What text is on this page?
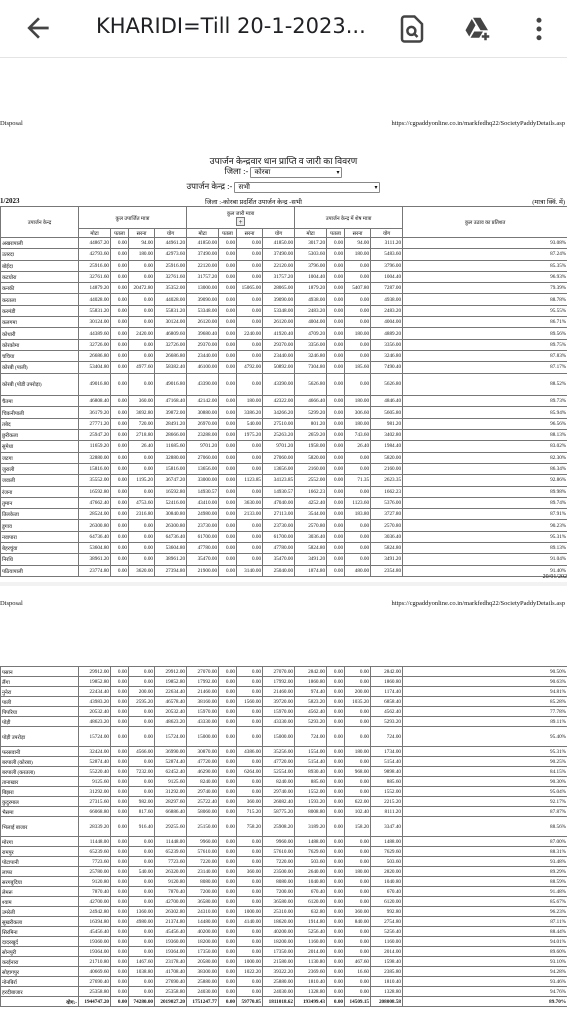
KHARIDI=Till 20-1-2023...
Disposal	https://cgpaddyonline.co.in/markfedhq22/SocietyPaddyDetails.asp
उपार्जन केन्द्रवार धान प्राप्ति व जारी का विवरण
जिला :- कोरबा	▾
उपार्जन केन्द्र :- सभी	▾
1/2023	जिला :-कोरबा प्रदर्शित उपार्जन केन्द्र -सभी	(मात्रा क्विं. में)
उपार्जन केन्द्र	कुल उपार्जित मात्रा				कुल जारी मात्रा
+				उपार्जन केन्द्र में शेष मात्रा				कुल उठाव का प्रतिशत
	मोटा	पतला	सरना	योग	मोटा	पतला	सरना	योग	मोटा	पतला	सरना	योग	
अखरापाली	44867.20	0.00	94.00	44961.20	41850.00	0.00	0.00	41850.00	3017.20	0.00	94.00	3111.20	93.08%
उतरदा	42793.60	0.00	180.00	42973.60	37490.00	0.00	0.00	37490.00	5303.60	0.00	180.00	5483.60	87.24%
बोईदा	25916.00	0.00	0.00	25916.00	22120.00	0.00	0.00	22120.00	3796.00	0.00	0.00	3796.00	85.35%
कटघोरा	32761.60	0.00	0.00	32761.60	31757.20	0.00	0.00	31757.20	1004.40	0.00	0.00	1004.40	96.93%
कनकी	14879.20	0.00	20472.80	35352.00	13000.00	0.00	15065.00	28065.00	1879.20	0.00	5407.80	7287.00	79.39%
करतला	44028.00	0.00	0.00	44028.00	39090.00	0.00	0.00	39090.00	4938.00	0.00	0.00	4938.00	88.78%
करमंडी	55831.20	0.00	0.00	55831.20	53348.00	0.00	0.00	53348.00	2483.20	0.00	0.00	2483.20	95.55%
कलगमा	30124.00	0.00	0.00	30124.00	26120.00	0.00	0.00	26120.00	4004.00	0.00	0.00	4004.00	86.71%
कोथारी	44389.60	0.00	2420.00	46809.60	39680.40	0.00	2240.00	41920.40	4709.20	0.00	180.00	4889.20	89.56%
कोरकोमा	32726.00	0.00	0.00	32726.00	29370.00	0.00	0.00	29370.00	3356.00	0.00	0.00	3356.00	89.75%
चचिया	26686.80	0.00	0.00	26686.80	23440.00	0.00	0.00	23440.00	3246.80	0.00	0.00	3246.80	87.83%
कोरबी (पाली)	53404.80	0.00	4977.60	58382.40	46100.00	0.00	4792.00	50892.00	7304.80	0.00	185.60	7490.40	87.17%
कोरबी (पोडी उपरोड़ा)	49016.80	0.00	0.00	49016.80	43390.00	0.00	0.00	43390.00	5626.80	0.00	0.00	5626.80	88.52%
चैतमा	46808.40	0.00	360.00	47168.40	42142.00	0.00	180.00	42322.00	4666.40	0.00	180.00	4846.40	89.73%
चिकनीपाली	36179.20	0.00	3692.80	39872.00	30880.00	0.00	3386.20	34266.20	5299.20	0.00	306.60	5605.80	85.94%
तबेद	27771.20	0.00	720.00	28491.20	26970.00	0.00	540.00	27510.00	801.20	0.00	180.00	981.20	96.56%
छुरीकला	25947.20	0.00	2718.80	28666.00	23288.00	0.00	1975.20	25263.20	2659.20	0.00	743.60	3402.80	88.13%
सुमेधा	11659.20	0.00	26.40	11685.60	9701.20	0.00	0.00	9701.20	1958.00	0.00	26.40	1984.40	83.02%
जटगा	32880.00	0.00	0.00	32880.00	27060.00	0.00	0.00	27060.00	5820.00	0.00	0.00	5820.00	82.30%
जुराली	15816.00	0.00	0.00	15816.00	13656.00	0.00	0.00	13656.00	2160.00	0.00	0.00	2160.00	86.34%
जवाली	35552.00	0.00	1195.20	36747.20	33000.00	0.00	1123.85	34123.85	2552.00	0.00	71.35	2623.35	92.86%
रंजना	16592.80	0.00	0.00	16592.80	14930.57	0.00	0.00	14930.57	1662.23	0.00	0.00	1662.23	89.98%
तुमान	47662.40	0.00	4753.60	52416.00	43410.00	0.00	3630.00	47040.00	4252.40	0.00	1123.60	5376.00	89.74%
तिलकेजा	28524.00	0.00	2316.80	30840.80	24980.00	0.00	2133.00	27113.00	3544.00	0.00	183.80	3727.80	87.91%
डूगाव	26300.80	0.00	0.00	26300.80	23730.00	0.00	0.00	23730.00	2570.80	0.00	0.00	2570.80	90.23%
नवापारा	64736.40	0.00	0.00	64736.40	61700.00	0.00	0.00	61700.00	3036.40	0.00	0.00	3036.40	95.31%
बेहरचुंवा	53604.80	0.00	0.00	53604.80	47780.00	0.00	0.00	47780.00	5824.80	0.00	0.00	5824.80	89.13%
निरधि	38961.20	0.00	0.00	38961.20	35470.00	0.00	0.00	35470.00	3491.20	0.00	0.00	3491.20	91.04%
पठियापाली	23774.80	0.00	3620.00	27394.80	21900.00	0.00	3140.00	25040.00	1874.80	0.00	480.00	2354.80	91.40%
20/01/202
Disposal	https://cgpaddyonline.co.in/markfedhq22/SocietyPaddyDetails.asp
पसान	29912.00	0.00	0.00	29912.00	27070.00	0.00	0.00	27070.00	2842.00	0.00	0.00	2842.00	90.50%
लैंगा	19852.80	0.00	0.00	19852.80	17992.00	0.00	0.00	17992.00	1860.80	0.00	0.00	1860.80	90.63%
नुनेरा	22434.40	0.00	200.00	22634.40	21460.00	0.00	0.00	21460.00	974.40	0.00	200.00	1174.40	94.81%
पाली	43983.20	0.00	2595.20	46578.40	38160.00	0.00	1560.00	39720.00	5823.20	0.00	1035.20	6858.40	85.28%
पिपरिया	20532.40	0.00	0.00	20532.40	15970.00	0.00	0.00	15970.00	4562.40	0.00	0.00	4562.40	77.78%
पोड़ी	48623.20	0.00	0.00	48623.20	43330.00	0.00	0.00	43330.00	5293.20	0.00	0.00	5293.20	89.11%
पोड़ी उपरोड़ा	15724.00	0.00	0.00	15724.00	15000.00	0.00	0.00	15000.00	724.00	0.00	0.00	724.00	95.40%
फरसवानी	32424.00	0.00	4566.00	36990.00	30870.00	0.00	4386.00	35256.00	1554.00	0.00	180.00	1734.00	95.31%
बरपाली (कोरबा)	52874.40	0.00	0.00	52874.40	47720.00	0.00	0.00	47720.00	5154.40	0.00	0.00	5154.40	90.25%
बरपाली (करतला)	55220.40	0.00	7232.00	62452.40	46290.00	0.00	6264.00	52554.00	8930.40	0.00	968.00	9898.40	84.15%
तानाखार	9125.60	0.00	0.00	9125.60	8240.00	0.00	0.00	8240.00	885.60	0.00	0.00	885.60	90.30%
बिझरा	31292.00	0.00	0.00	31292.00	29740.00	0.00	0.00	29740.00	1552.00	0.00	0.00	1552.00	95.04%
कुदुरमाल	27315.60	0.00	982.00	28297.60	25722.40	0.00	360.00	26082.40	1593.20	0.00	622.00	2215.20	92.17%
भैसमा	66068.80	0.00	817.60	66886.40	58060.00	0.00	715.20	58775.20	8008.80	0.00	102.40	8111.20	87.87%
भिलाई बाजार	28339.20	0.00	916.40	29255.60	25150.00	0.00	758.20	25908.20	3189.20	0.00	158.20	3347.40	88.56%
मोरगा	11448.00	0.00	0.00	11448.00	9960.00	0.00	0.00	9960.00	1488.00	0.00	0.00	1488.00	87.00%
रामपुर	65239.60	0.00	0.00	65239.60	57610.00	0.00	0.00	57610.00	7629.60	0.00	0.00	7629.60	88.31%
पोटापानी	7723.60	0.00	0.00	7723.60	7220.00	0.00	0.00	7220.00	503.60	0.00	0.00	503.60	93.48%
लाफा	25780.00	0.00	540.00	26320.00	23140.00	0.00	360.00	23500.00	2640.00	0.00	180.00	2820.00	89.29%
सरगबुदिया	9120.80	0.00	0.00	9120.80	8080.00	0.00	0.00	8080.00	1040.80	0.00	0.00	1040.80	88.59%
लेमरू	7870.40	0.00	0.00	7870.40	7200.00	0.00	0.00	7200.00	670.40	0.00	0.00	670.40	91.48%
श्याम	42700.00	0.00	0.00	42700.00	36580.00	0.00	0.00	36580.00	6120.00	0.00	0.00	6120.00	85.67%
उमरेली	24942.80	0.00	1360.00	26302.80	24310.00	0.00	1000.00	25310.00	632.80	0.00	360.00	992.80	96.23%
सुखरीकला	16394.80	0.00	4980.00	21374.80	14480.00	0.00	4140.00	18620.00	1914.80	0.00	840.00	2754.80	87.11%
सिरमिना	45456.40	0.00	0.00	45456.40	40200.00	0.00	0.00	40200.00	5256.40	0.00	0.00	5256.40	88.44%
दादरखुर्द	19360.00	0.00	0.00	19360.00	18200.00	0.00	0.00	18200.00	1160.00	0.00	0.00	1160.00	94.01%
सोनपुरी	19364.00	0.00	0.00	19364.00	17350.00	0.00	0.00	17350.00	2014.00	0.00	0.00	2014.00	89.60%
करईनारा	21710.80	0.00	1467.60	23178.40	20580.00	0.00	1000.00	21580.00	1130.80	0.00	467.60	1598.40	93.10%
सोहागपुर	40669.60	0.00	1038.80	41708.40	38300.00	0.00	1022.20	39322.20	2369.60	0.00	16.60	2385.80	94.28%
नोनबिर्रा	27690.40	0.00	0.00	27690.40	25880.00	0.00	0.00	25880.00	1810.40	0.00	0.00	1810.40	93.46%
हरदीबाजार	25358.80	0.00	0.00	25358.80	24030.00	0.00	0.00	24030.00	1328.80	0.00	0.00	1328.80	94.76%
योग:-	1944747.20	0.00	74280.00	2019027.20	1751247.77	0.00	59770.85	1811018.62	193499.43	0.00	14509.15	208008.58	89.70%
